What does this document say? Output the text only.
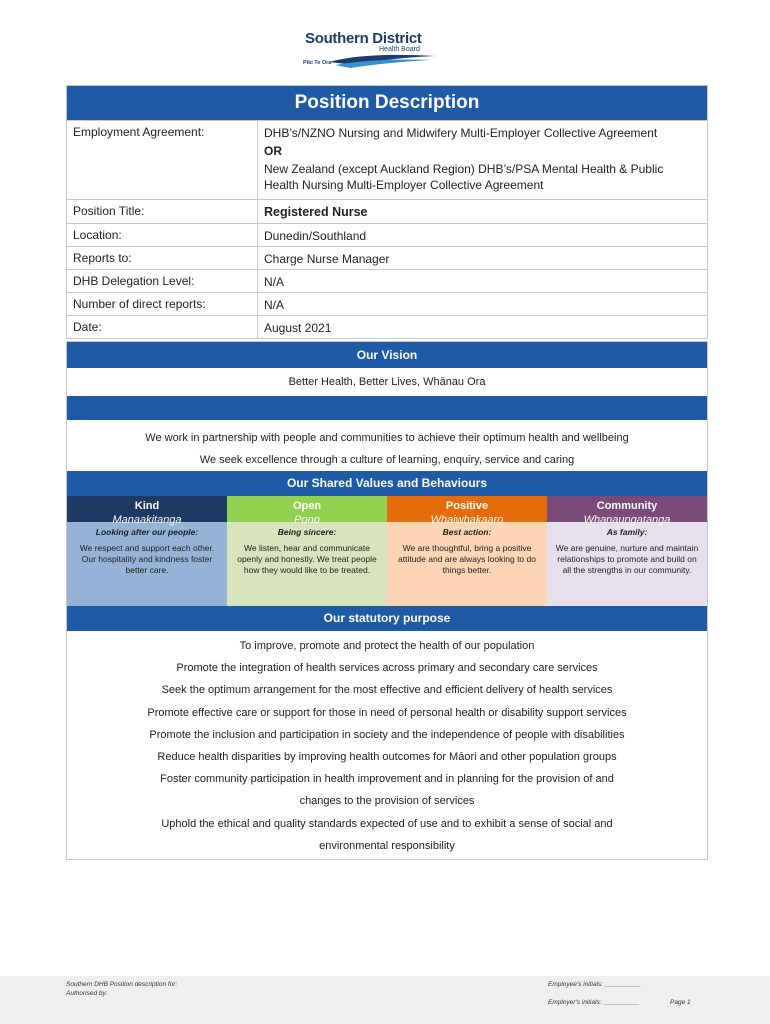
Southern District
Health Board
Piki Te Ora
Position Description
Employment Agreement:	DHB’s/NZNO Nursing and Midwifery Multi-Employer Collective Agreement
OR
New Zealand (except Auckland Region) DHB’s/PSA Mental Health & Public Health Nursing Multi-Employer Collective Agreement
Position Title:	Registered Nurse
Location:	Dunedin/Southland
Reports to:	Charge Nurse Manager
DHB Delegation Level:	N/A
Number of direct reports:	N/A
Date:	August 2021
Our Vision
Better Health, Better Lives, Whānau Ora
We work in partnership with people and communities to achieve their optimum health and wellbeing
We seek excellence through a culture of learning, enquiry, service and caring
Our Shared Values and Behaviours
Kind
Manaakitanga
Looking after our people:
We respect and support each other. Our hospitality and kindness foster better care.
Open
Pono
Being sincere:
We listen, hear and communicate openly and honestly. We treat people how they would like to be treated.
Positive
Whaiwhakaaro
Best action:
We are thoughtful, bring a positive attitude and are always looking to do things better.
Community
Whanaungatanga
As family:
We are genuine, nurture and maintain relationships to promote and build on all the strengths in our community.
Our statutory purpose
To improve, promote and protect the health of our population
Promote the integration of health services across primary and secondary care services
Seek the optimum arrangement for the most effective and efficient delivery of health services
Promote effective care or support for those in need of personal health or disability support services
Promote the inclusion and participation in society and the independence of people with disabilities
Reduce health disparities by improving health outcomes for Māori and other population groups
Foster community participation in health improvement and in planning for the provision of and
changes to the provision of services
Uphold the ethical and quality standards expected of use and to exhibit a sense of social and
environmental responsibility
Southern DHB Position description for:
Authorised by:
Employee's initials: __________
Employer's initials: __________	Page 1
